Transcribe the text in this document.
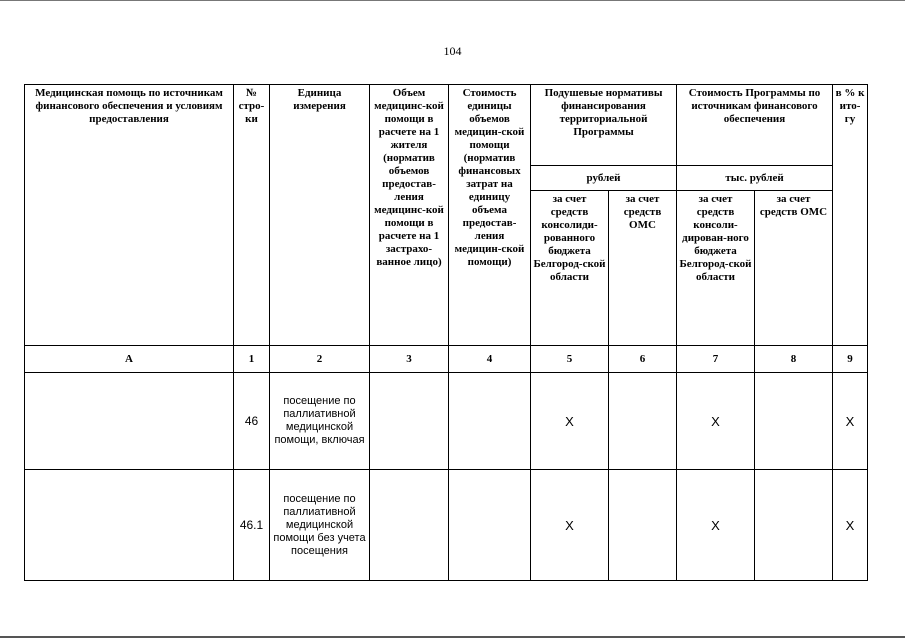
104
Медицинская помощь по источникам финансового обеспечения и условиям предоставления	№ стро-ки	Единица измерения	Объем медицинс-кой помощи в расчете на 1 жителя (норматив объемов предостав-ления медицинс-кой помощи в расчете на 1 застрахо-ванное лицо)	Стоимость единицы объемов медицин-ской помощи (норматив финансовых затрат на единицу объема предостав-ления медицин-ской помощи)	Подушевые нормативы финансирования территориальной Программы		Стоимость Программы по источникам финансового обеспечения		в % к ито-гу
					рублей		тыс. рублей		
					за счет средств консолиди-рованного бюджета Белгород-ской области	за счет средств ОМС	за счет средств консоли-дирован-ного бюджета Белгород-ской области	за счет средств ОМС	
А	1	2	3	4	5	6	7	8	9
	46	посещение по паллиативной медицинской помощи, включая			Х		Х		Х
	46.1	посещение по паллиативной медицинской помощи без учета посещения			Х		Х		Х
